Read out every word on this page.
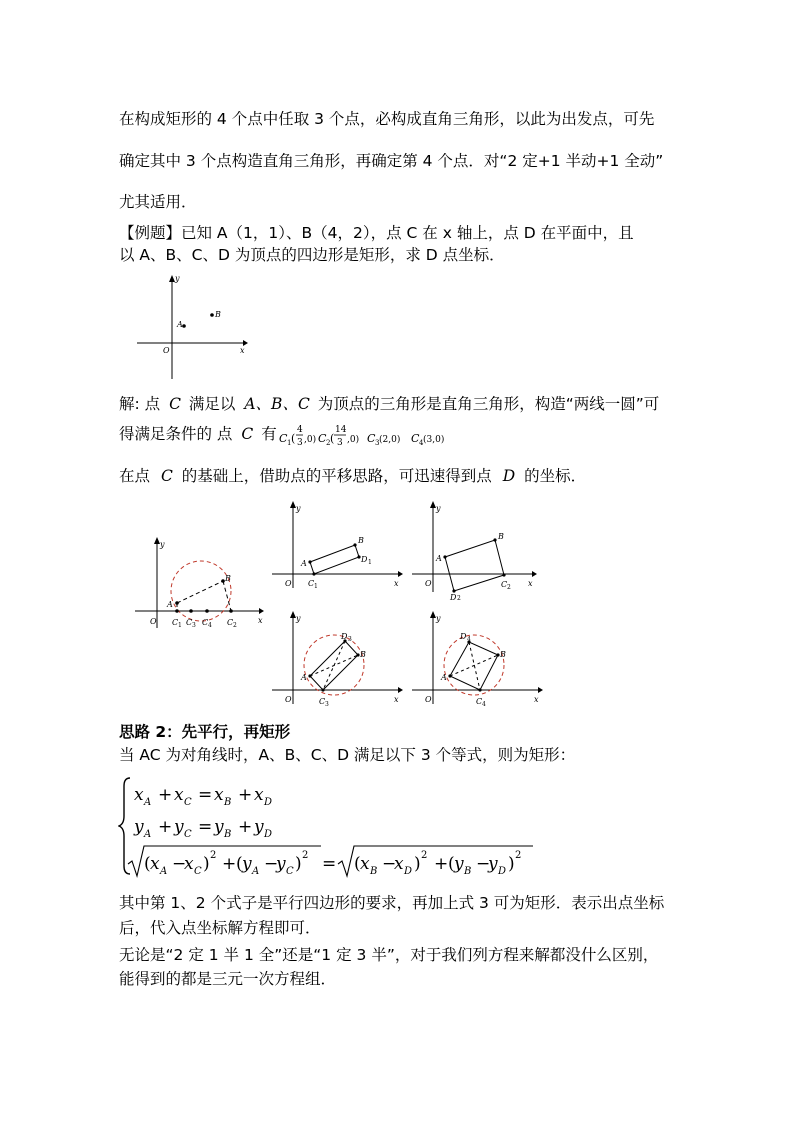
在构成矩形的 4 个点中任取 3 个点，必构成直角三角形，以此为出发点，可先
确定其中 3 个点构造直角三角形，再确定第 4 个点．对“2 定+1 半动+1 全动”
尤其适用．
【例题】已知 A（1，1）、B（4，2），点 C 在 x 轴上，点 D 在平面中，且
以 A、B、C、D 为顶点的四边形是矩形，求 D 点坐标．
O	x
y
A
B
解: 点 C 满足以 A、B、C 为顶点的三角形是直角三角形，构造“两线一圆”可
得满足条件的 点 C 有 C 1 (
4
3 ,0) C 2 (
14
3 ,0) C 3 (2,0) C 4 (3,0)
在点 C 的基础上，借助点的平移思路，可迅速得到点 D 的坐标．
O	x
y
A
B
C 1 C 3 C 4 C 2
O	x
y
A
B
D 1
C 1	O	x
y
A
B
C 2
D 2
O	x
y
A
B
D 3
C 3
O	x
y
A
B
D 4
C 4
思路 2：先平行，再矩形
当 AC 为对角线时，A、B、C、D 满足以下 3 个等式，则为矩形：
x A + x C = x B + x D
y A + y C = y B + y D
( x A −
x C ) 2 + ( y A −
y C ) 2 = ( x B −
x D ) 2 + ( y B −
y D ) 2
其中第 1、2 个式子是平行四边形的要求，再加上式 3 可为矩形．表示出点坐标
后，代入点坐标解方程即可．
无论是“2 定 1 半 1 全”还是“1 定 3 半”，对于我们列方程来解都没什么区别，
能得到的都是三元一次方程组．
